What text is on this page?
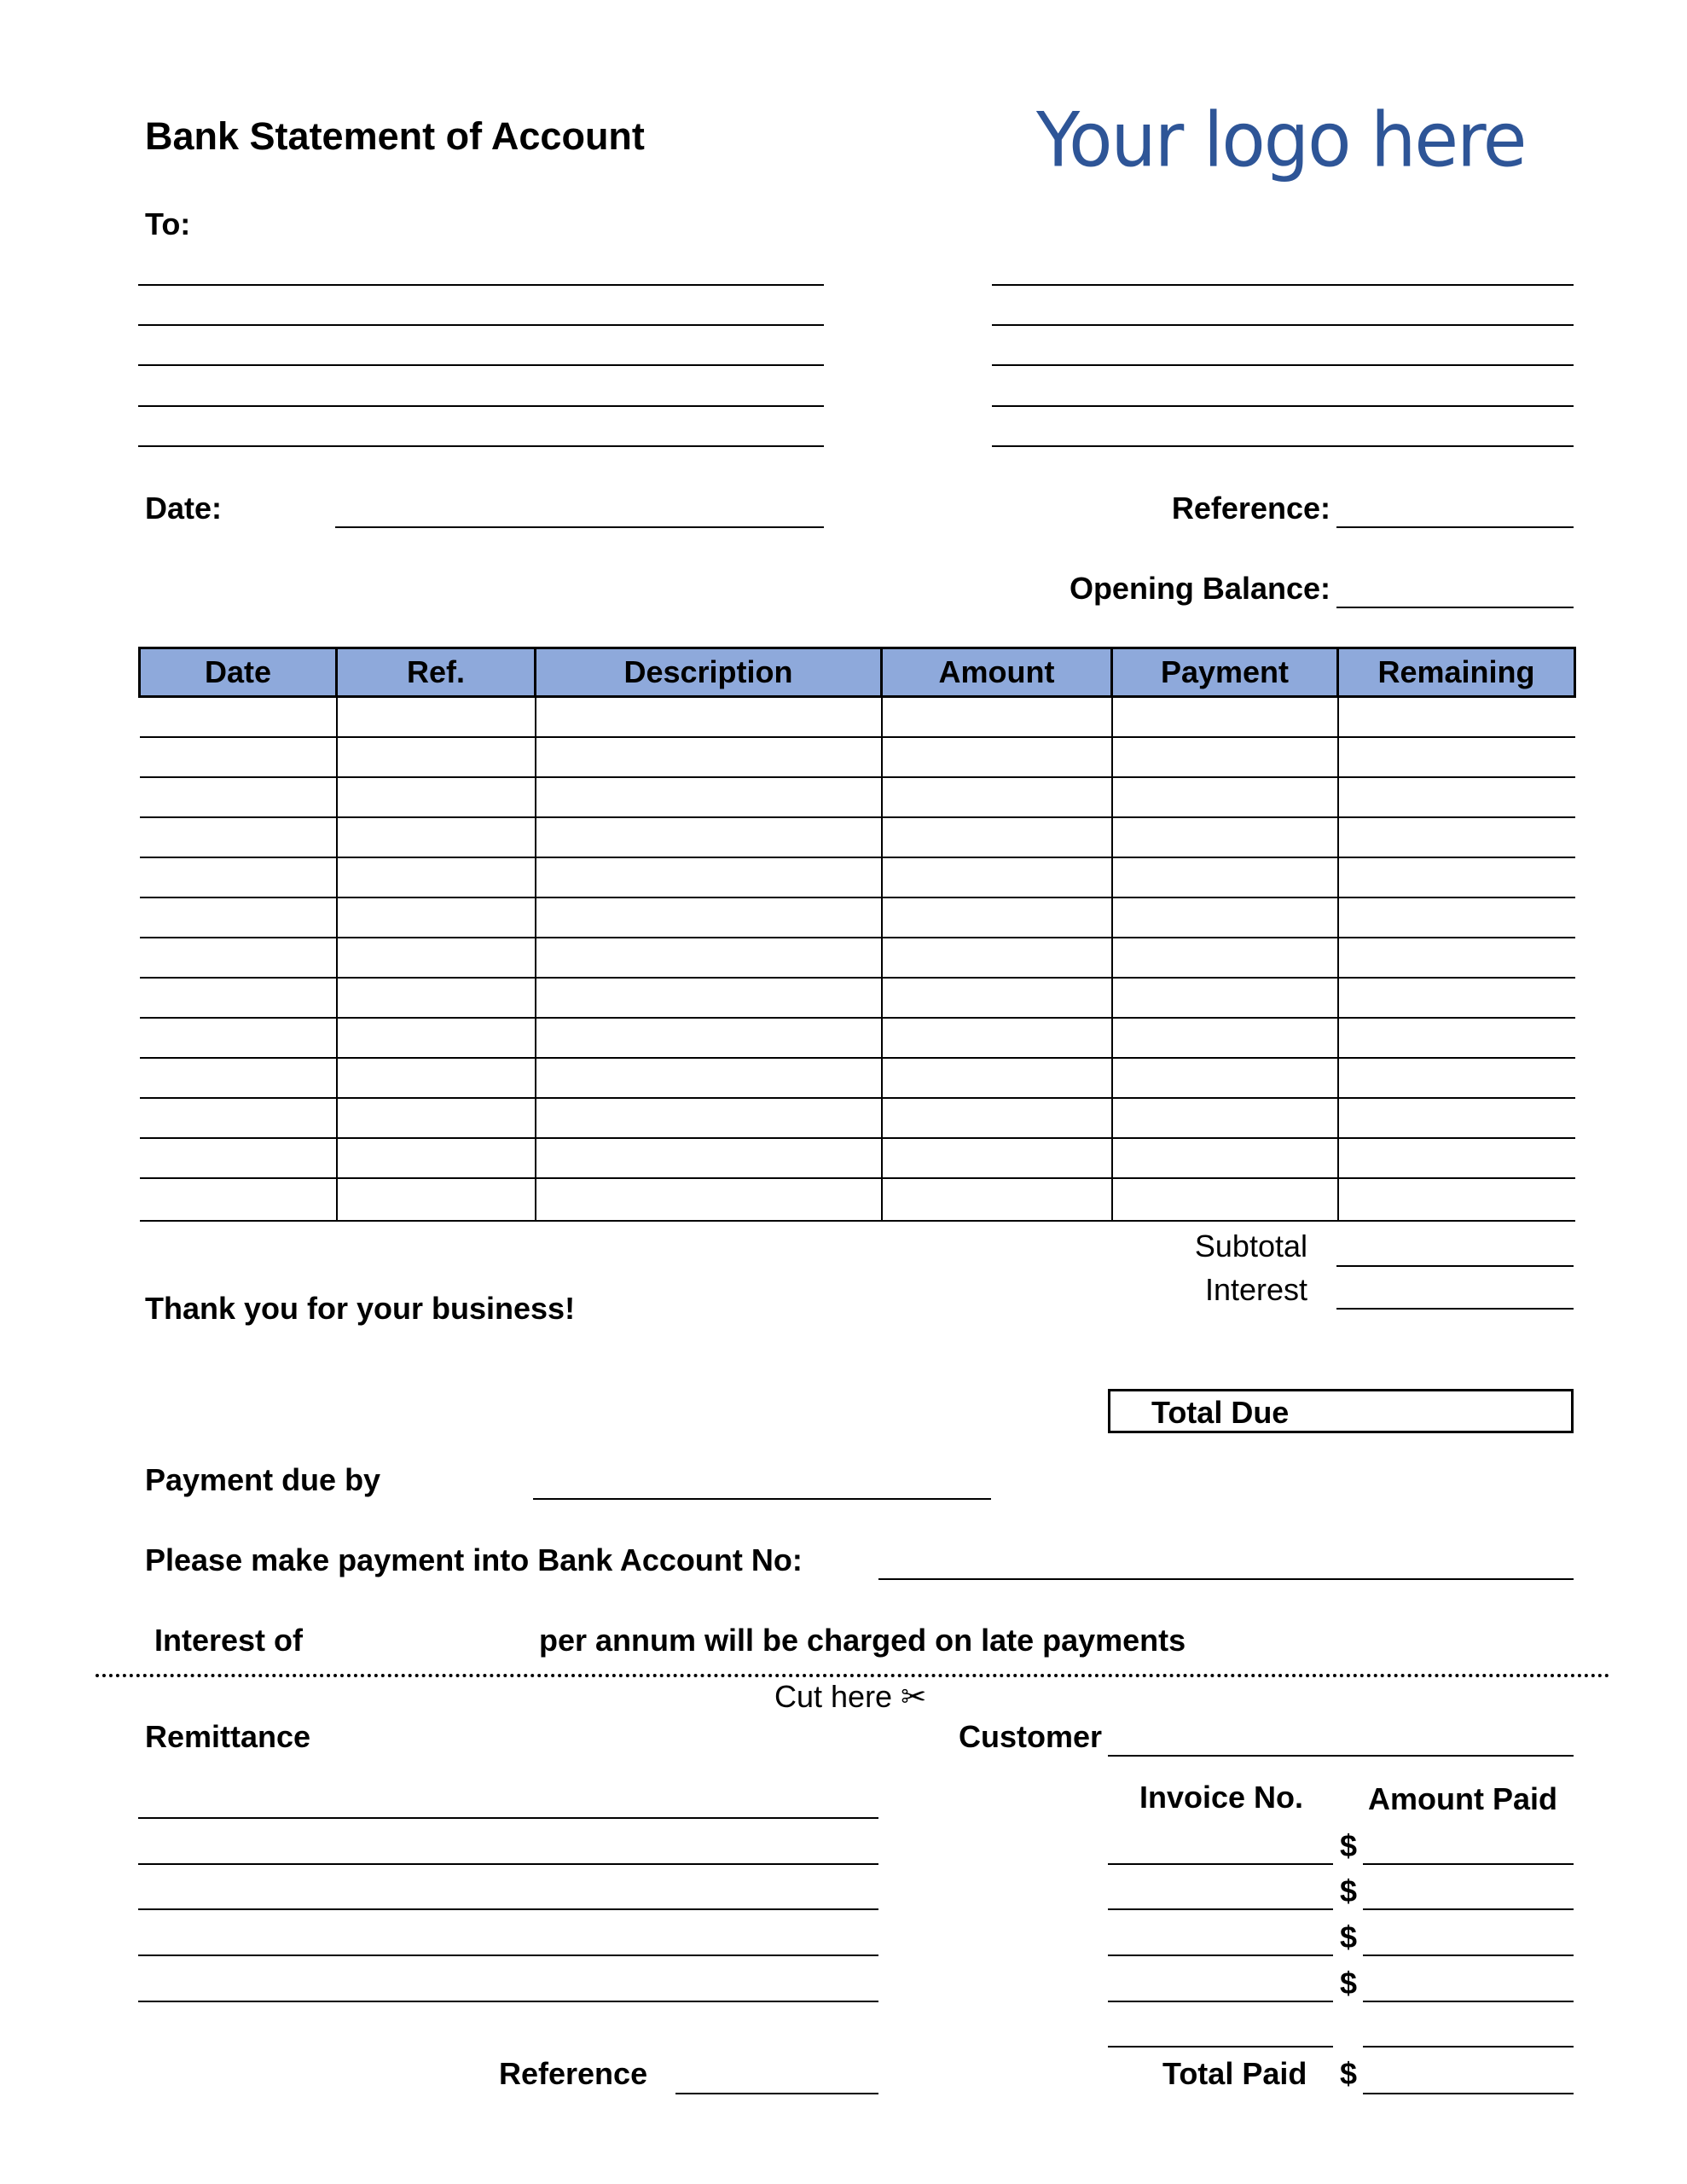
Bank Statement of Account	Your logo here
To:
Date:	Reference:
Opening Balance:
Date	Ref.	Description	Amount	Payment	Remaining

Subtotal
Interest
Thank you for your business!
Total Due
Payment due by
Please make payment into Bank Account No:
Interest of	per annum will be charged on late payments
Cut here ✂
Remittance	Customer
Invoice No. Amount Paid
$
$
$
$
Reference	Total Paid $
